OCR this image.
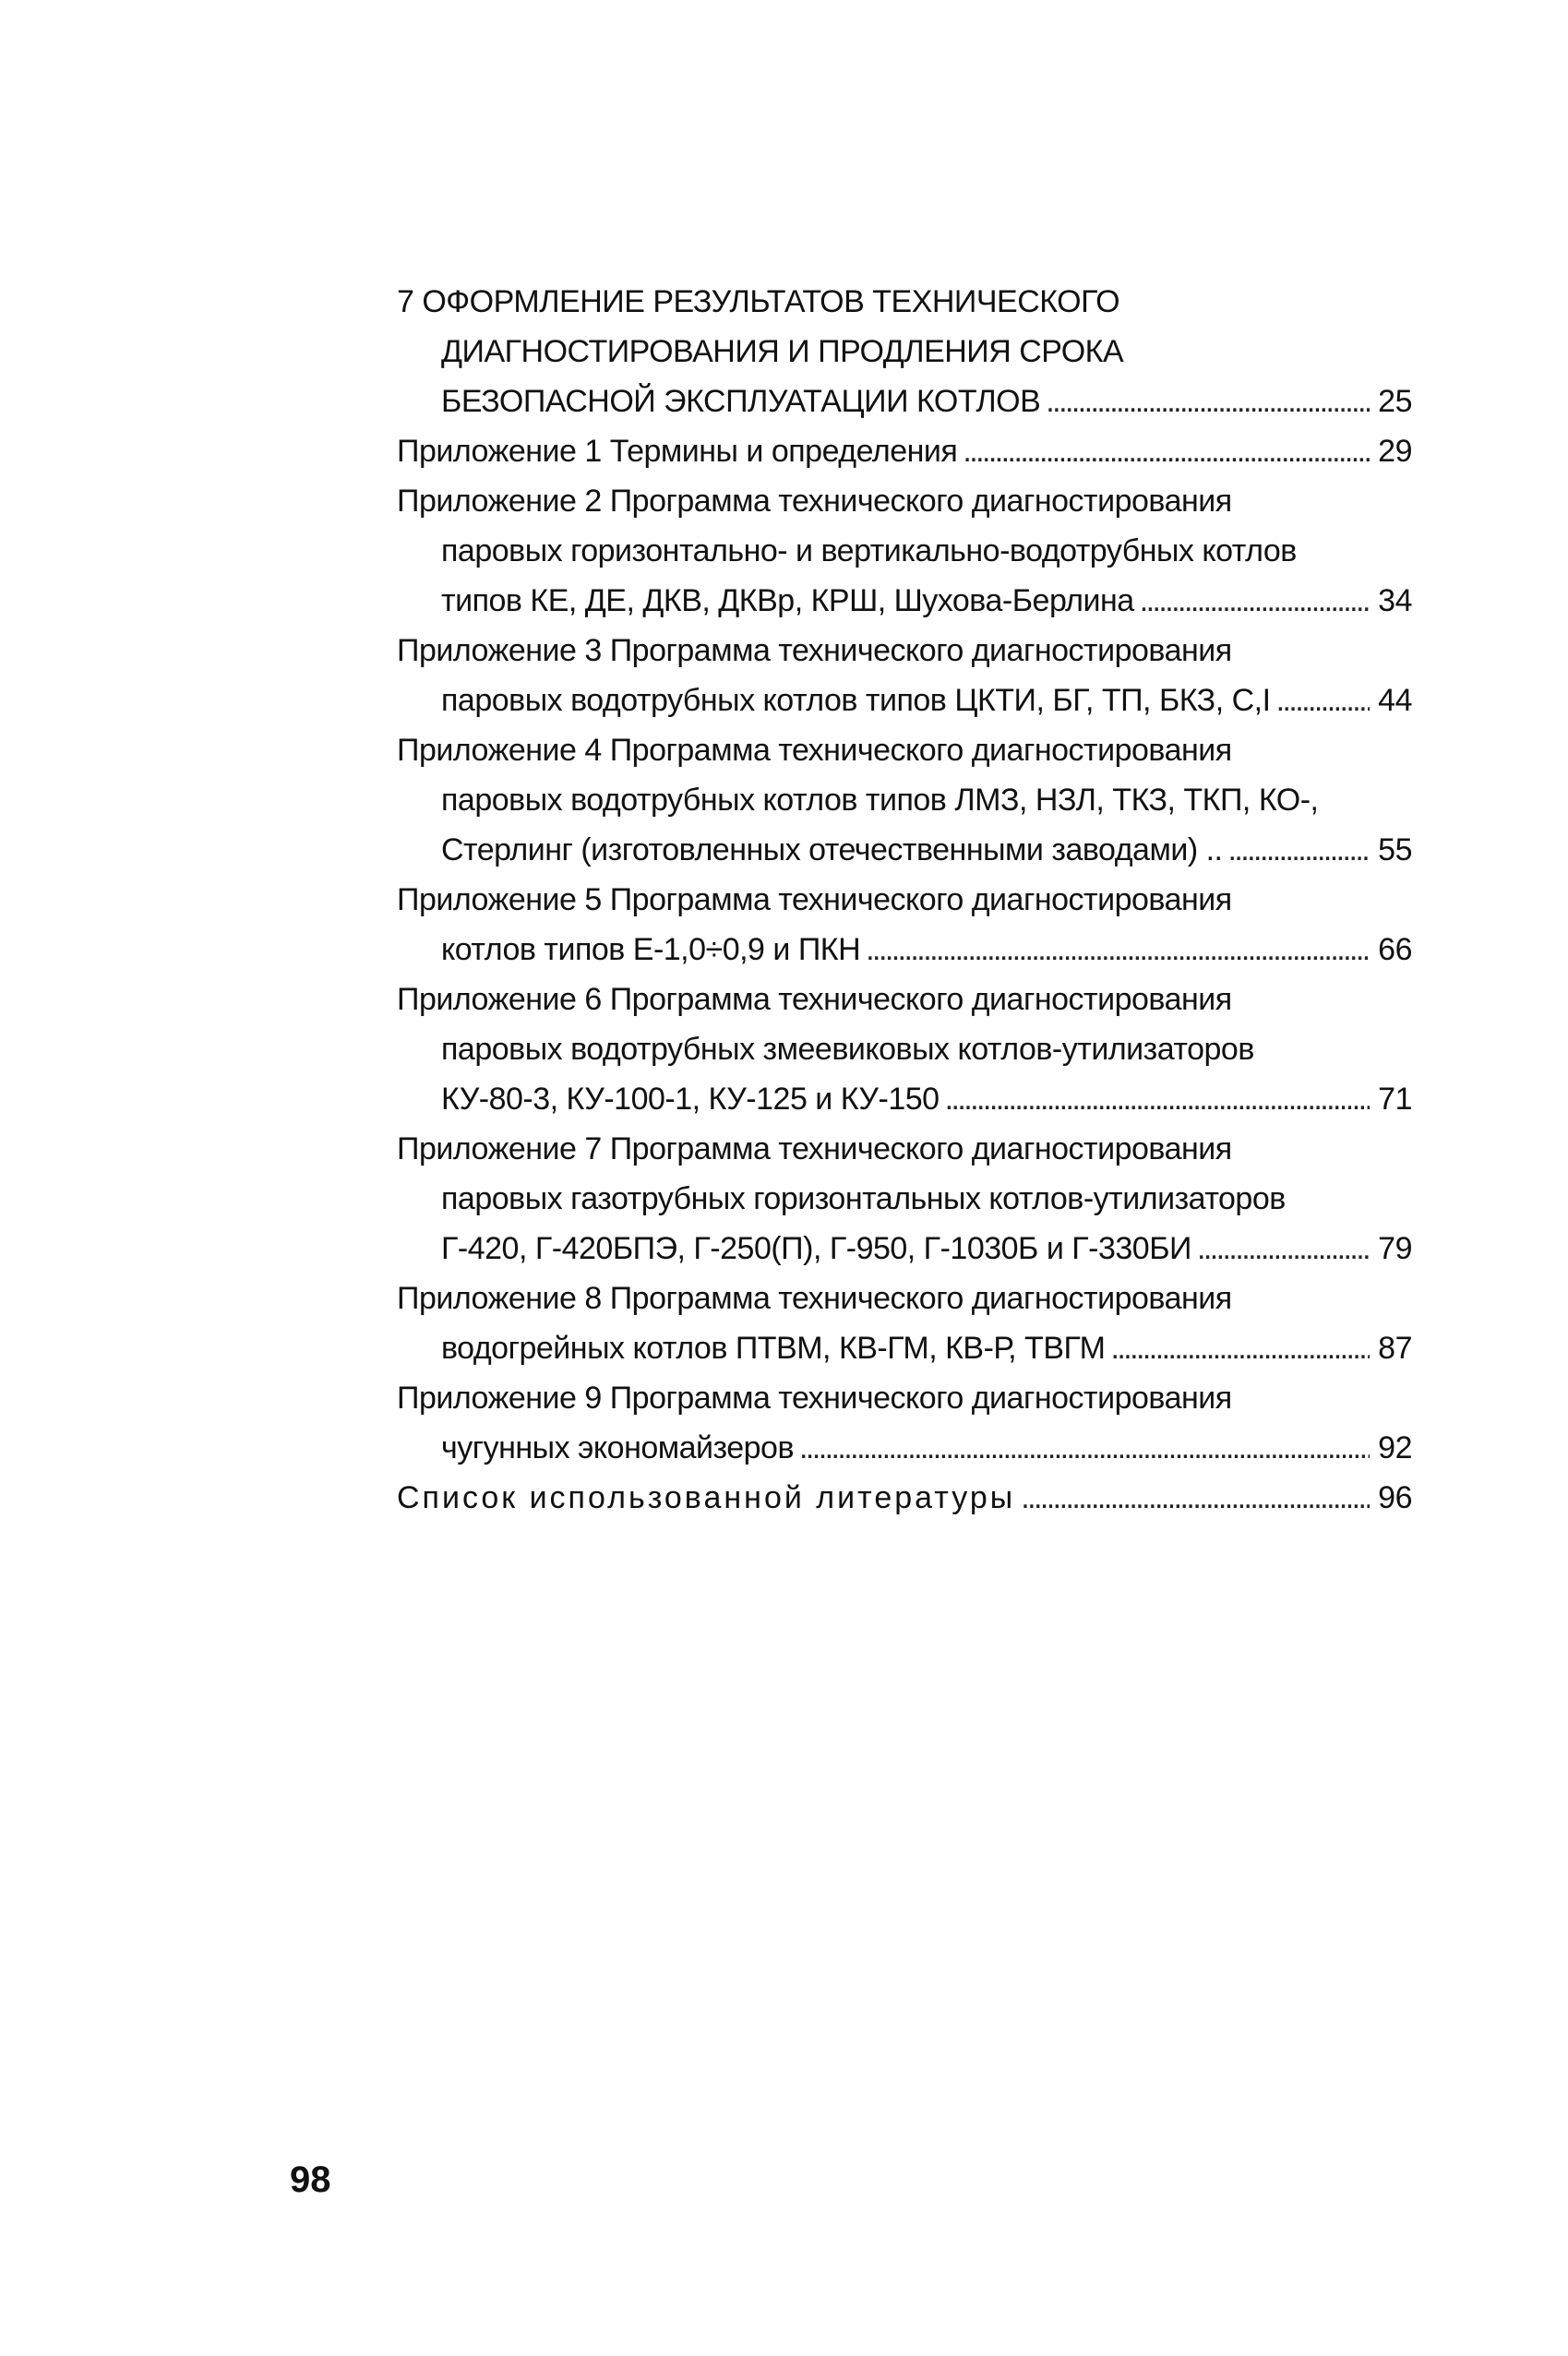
7 ОФОРМЛЕНИЕ РЕЗУЛЬТАТОВ ТЕХНИЧЕСКОГО
ДИАГНОСТИРОВАНИЯ И ПРОДЛЕНИЯ СРОКА
БЕЗОПАСНОЙ ЭКСПЛУАТАЦИИ КОТЛОВ . . .	25
Приложение 1 Термины и определения . . .	29
Приложение 2 Программа технического диагностирования
паровых горизонтально- и вертикально-водотрубных котлов
типов КЕ, ДЕ, ДКВ, ДКВр, КРШ, Шухова-Берлина . . .	34
Приложение 3 Программа технического диагностирования
паровых водотрубных котлов типов ЦКТИ, БГ, ТП, БКЗ, C,I . . .	44
Приложение 4 Программа технического диагностирования
паровых водотрубных котлов типов ЛМЗ, НЗЛ, ТКЗ, ТКП, КО-,
Стерлинг (изготовленных отечественными заводами) .. . . .	55
Приложение 5 Программа технического диагностирования
котлов типов Е-1,0÷0,9 и ПКН . . .	66
Приложение 6 Программа технического диагностирования
паровых водотрубных змеевиковых котлов-утилизаторов
КУ-80-3, КУ-100-1, КУ-125 и КУ-150 . . .	71
Приложение 7 Программа технического диагностирования
паровых газотрубных горизонтальных котлов-утилизаторов
Г-420, Г-420БПЭ, Г-250(П), Г-950, Г-1030Б и Г-330БИ . . .	79
Приложение 8 Программа технического диагностирования
водогрейных котлов ПТВМ, КВ-ГМ, КВ-Р, ТВГМ . . .	87
Приложение 9 Программа технического диагностирования
чугунных экономайзеров . . .	92
Список использованной литературы . . .	96
98
